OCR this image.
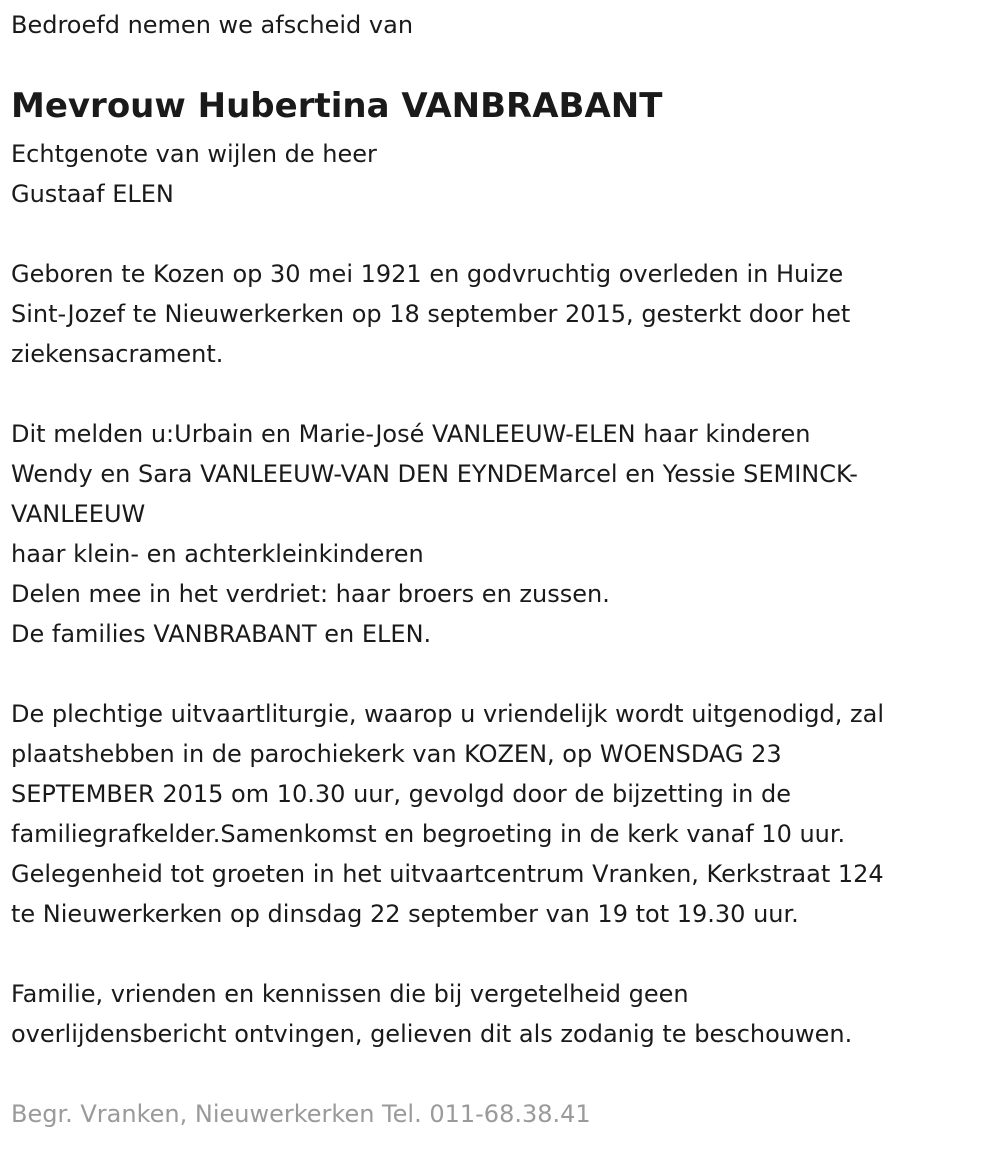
Bedroefd nemen we afscheid van

Mevrouw Hubertina VANBRABANT

Echtgenote van wijlen de heer

Gustaaf ELEN

Geboren te Kozen op 30 mei 1921 en godvruchtig overleden in Huize

Sint-Jozef te Nieuwerkerken op 18 september 2015, gesterkt door het

ziekensacrament.

Dit melden u:Urbain en Marie-José VANLEEUW-ELEN haar kinderen

Wendy en Sara VANLEEUW-VAN DEN EYNDEMarcel en Yessie SEMINCK-

VANLEEUW

haar klein- en achterkleinkinderen

Delen mee in het verdriet: haar broers en zussen.

De families VANBRABANT en ELEN.

De plechtige uitvaartliturgie, waarop u vriendelijk wordt uitgenodigd, zal

plaatshebben in de parochiekerk van KOZEN, op WOENSDAG 23

SEPTEMBER 2015 om 10.30 uur, gevolgd door de bijzetting in de

familiegrafkelder.Samenkomst en begroeting in de kerk vanaf 10 uur.

Gelegenheid tot groeten in het uitvaartcentrum Vranken, Kerkstraat 124

te Nieuwerkerken op dinsdag 22 september van 19 tot 19.30 uur.

Familie, vrienden en kennissen die bij vergetelheid geen

overlijdensbericht ontvingen, gelieven dit als zodanig te beschouwen.

Begr. Vranken, Nieuwerkerken Tel. 011-68.38.41
